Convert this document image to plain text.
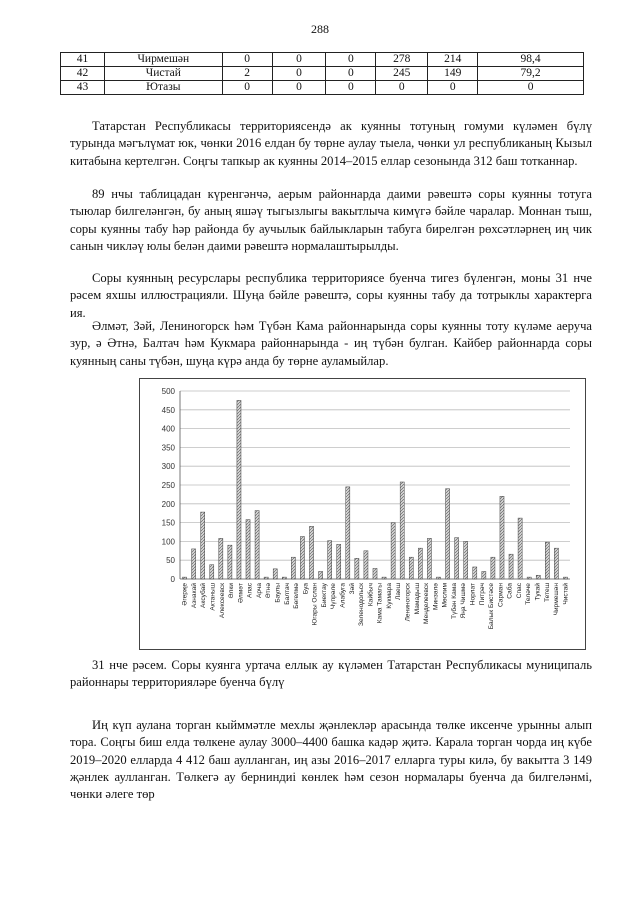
288
41	Чирмешән	0	0	0	278	214	98,4
42	Чистай	2	0	0	245	149	79,2
43	Ютазы	0	0	0	0	0	0

Татарстан Республикасы территориясендә ак куянны тотуның гомуми күләмен бүлү турында мәгълүмат юк, чөнки 2016 елдан бу төрне аулау тыела, чөнки ул республиканың Кызыл китабына кертелгән. Соңгы тапкыр ак куянны 2014–2015 еллар сезонында 312 баш тотканнар.

89 нчы таблицадан күренгәнчә, аерым районнарда даими рәвештә соры куянны тотуга тыюлар билгеләнгән, бу аның яшәү тыгызлыгы вакытлыча кимүгә бәйле чаралар. Моннан тыш, соры куянны табу һәр районда бу аучылык байлыкларын табуга бирелгән рөхсәтләрнең иң чик санын чикләү юлы белән даими рәвештә нормалаштырылды.

Соры куянның ресурслары республика территориясе буенча тигез бүленгән, моны 31 нче рәсем яхшы иллюстрацияли. Шуңа бәйле рәвештә, соры куянны табу да тотрыклы характерга ия.

Әлмәт, Зәй, Лениногорск һәм Түбән Кама районнарында соры куянны тоту күләме аеруча зур, ә Әтнә, Балтач һәм Кукмара районнарында - иң түбән булган. Кайбер районнарда соры куянның саны түбән, шуңа күрә анда бу төрне ауламыйлар.

0
50
100
150
200
250
300
350
400
450
500
Әгерҗе Азнакай Аксубай Актаныш Алексеевск Әлки Әлмәт Апас Арча Әтнә Баулы Балтач Бөгелмә Буа Югары Ослан Биектау Чүпрәле Алабуга Зәй Зеленодольск Кайбыч Кама Тамагы Кукмара Лаеш Лениногорск Мамадыш Менделеевск Минзәлә Мөслим Түбән Кама Яңа Чишмә Норлат Питрәч Балык Бистәсе Сарман Саба Спас Теләче Тукай Тетеш Чирмешән Чистай

31 нче рәсем. Соры куянга уртача еллык ау күләмен Татарстан Республикасы муниципаль районнары территорияләре буенча бүлү

Иң күп аулана торган кыйммәтле мехлы җәнлекләр арасында төлке иксенче урынны алып тора. Соңгы биш елда төлкене аулау 3000–4400 башка кадәр җитә. Карала торган чорда иң күбе 2019–2020 елларда 4 412 баш аулланган, иң азы 2016–2017 елларга туры килә, бу вакытта 3 149 җәнлек аулланган. Төлкегә ау берниндиi көнлек һәм сезон нормалары буенча да билгеләнмi, чөнки әлеге төр
